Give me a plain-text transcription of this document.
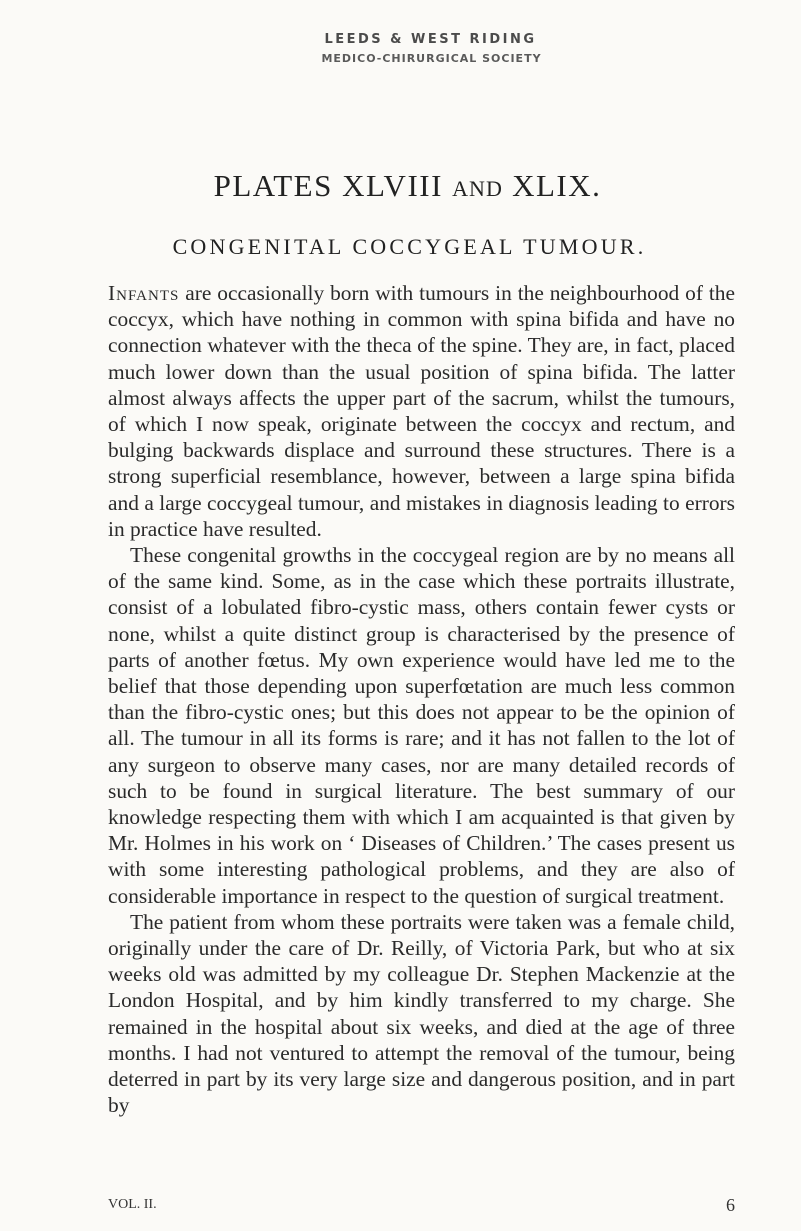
LEEDS & WEST RIDING
MEDICO-CHIRURGICAL SOCIETY
PLATES XLVIII AND XLIX.
CONGENITAL COCCYGEAL TUMOUR.

Infants are occasionally born with tumours in the neighbourhood of the coccyx, which have nothing in common with spina bifida and have no connection whatever with the theca of the spine. They are, in fact, placed much lower down than the usual position of spina bifida. The latter almost always affects the upper part of the sacrum, whilst the tumours, of which I now speak, originate between the coccyx and rectum, and bulging backwards displace and surround these structures. There is a strong superficial resemblance, however, between a large spina bifida and a large coccygeal tumour, and mistakes in diagnosis leading to errors in practice have resulted.

These congenital growths in the coccygeal region are by no means all of the same kind. Some, as in the case which these portraits illustrate, consist of a lobulated fibro-cystic mass, others contain fewer cysts or none, whilst a quite distinct group is characterised by the presence of parts of another fœtus. My own experience would have led me to the belief that those depending upon superfœtation are much less common than the fibro-cystic ones; but this does not appear to be the opinion of all. The tumour in all its forms is rare; and it has not fallen to the lot of any surgeon to observe many cases, nor are many detailed records of such to be found in surgical literature. The best summary of our knowledge respecting them with which I am acquainted is that given by Mr. Holmes in his work on ‘ Diseases of Children.’ The cases present us with some interesting pathological problems, and they are also of considerable importance in respect to the question of surgical treatment.

The patient from whom these portraits were taken was a female child, originally under the care of Dr. Reilly, of Victoria Park, but who at six weeks old was admitted by my colleague Dr. Stephen Mackenzie at the London Hospital, and by him kindly transferred to my charge. She remained in the hospital about six weeks, and died at the age of three months. I had not ventured to attempt the removal of the tumour, being deterred in part by its very large size and dangerous position, and in part by

VOL. II.	6
